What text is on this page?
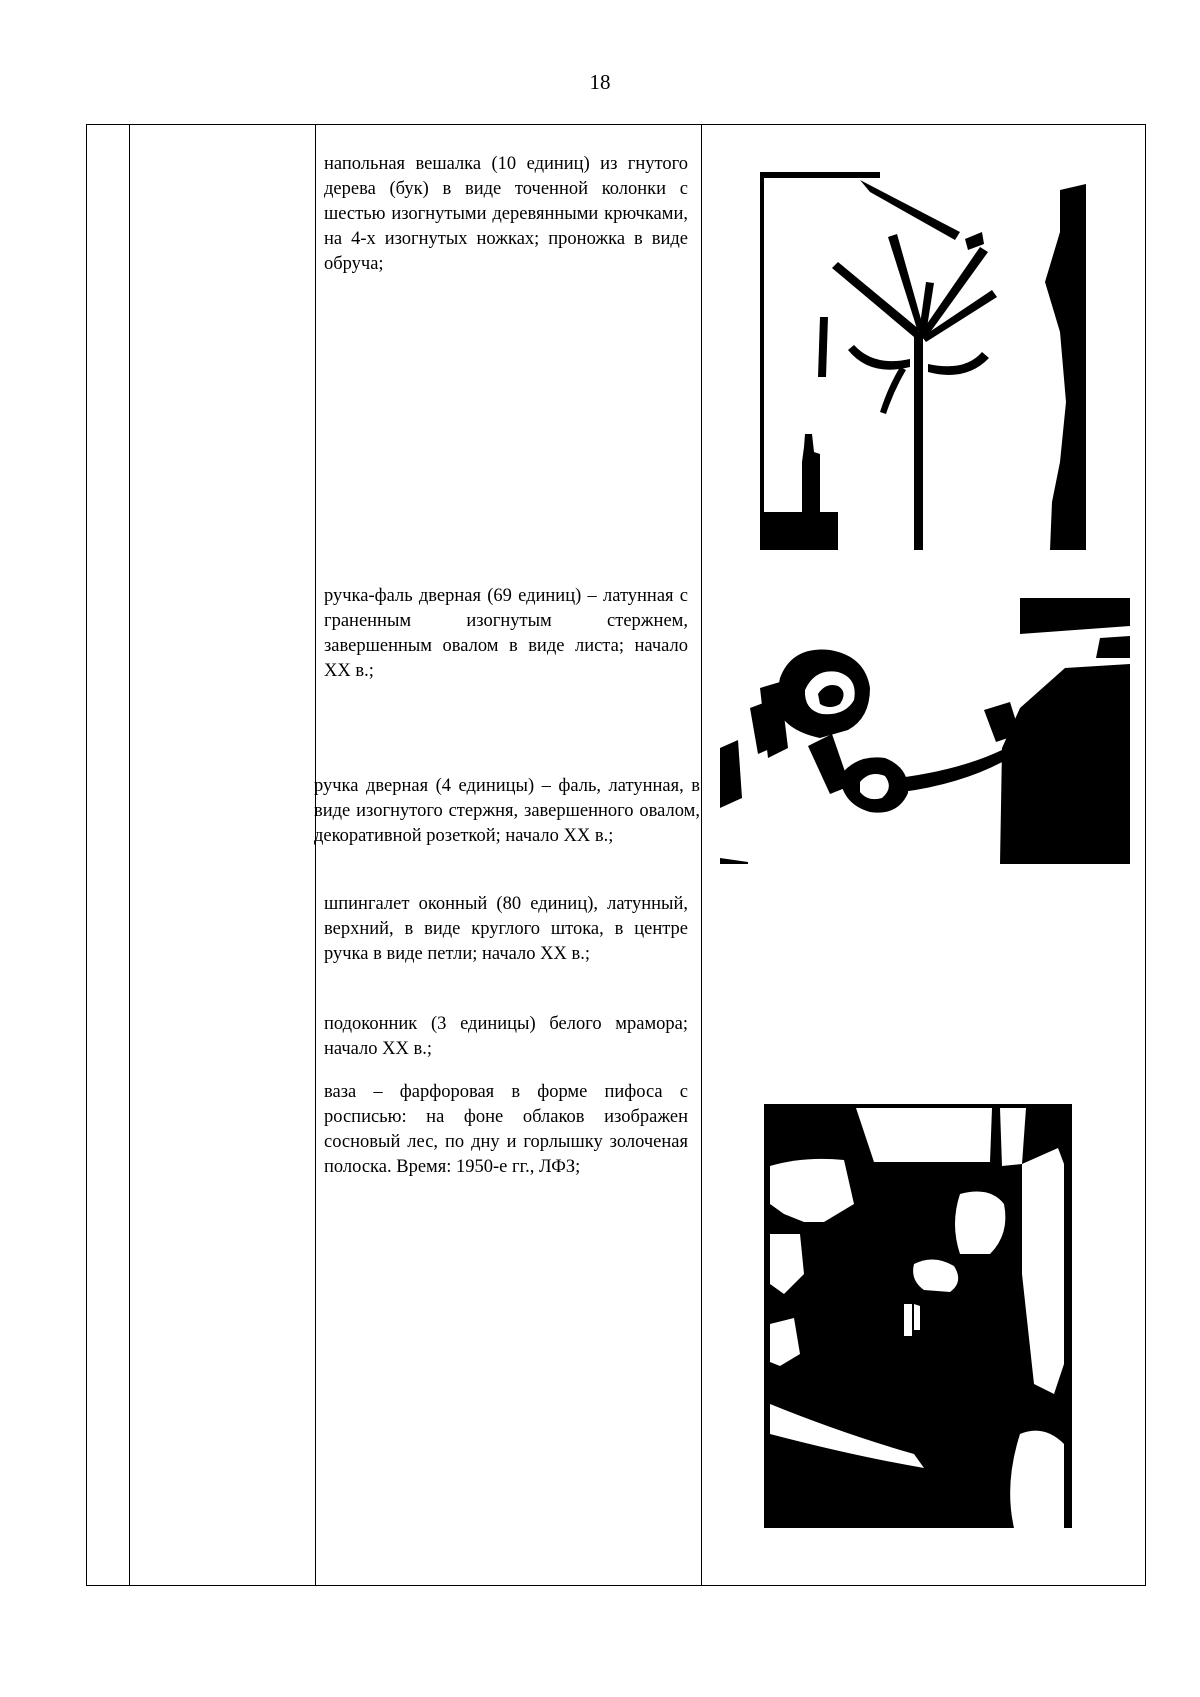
18
напольная вешалка (10 единиц) из гнутого дерева (бук) в виде точенной колонки с шестью изогнутыми деревянными крючками, на 4-х изогнутых ножках; проножка в виде обруча;
ручка-фаль дверная (69 единиц) – латунная с граненным изогнутым стержнем, завершенным овалом в виде листа; начало XX в.;
ручка дверная (4 единицы) – фаль, латунная, в виде изогнутого стержня, завершенного овалом, декоративной розеткой; начало XX в.;
шпингалет оконный (80 единиц), латунный, верхний, в виде круглого штока, в центре ручка в виде петли; начало XX в.;
подоконник (3 единицы) белого мрамора; начало XX в.;
ваза – фарфоровая в форме пифоса с росписью: на фоне облаков изображен сосновый лес, по дну и горлышку золоченая полоска. Время: 1950-е гг., ЛФЗ;
